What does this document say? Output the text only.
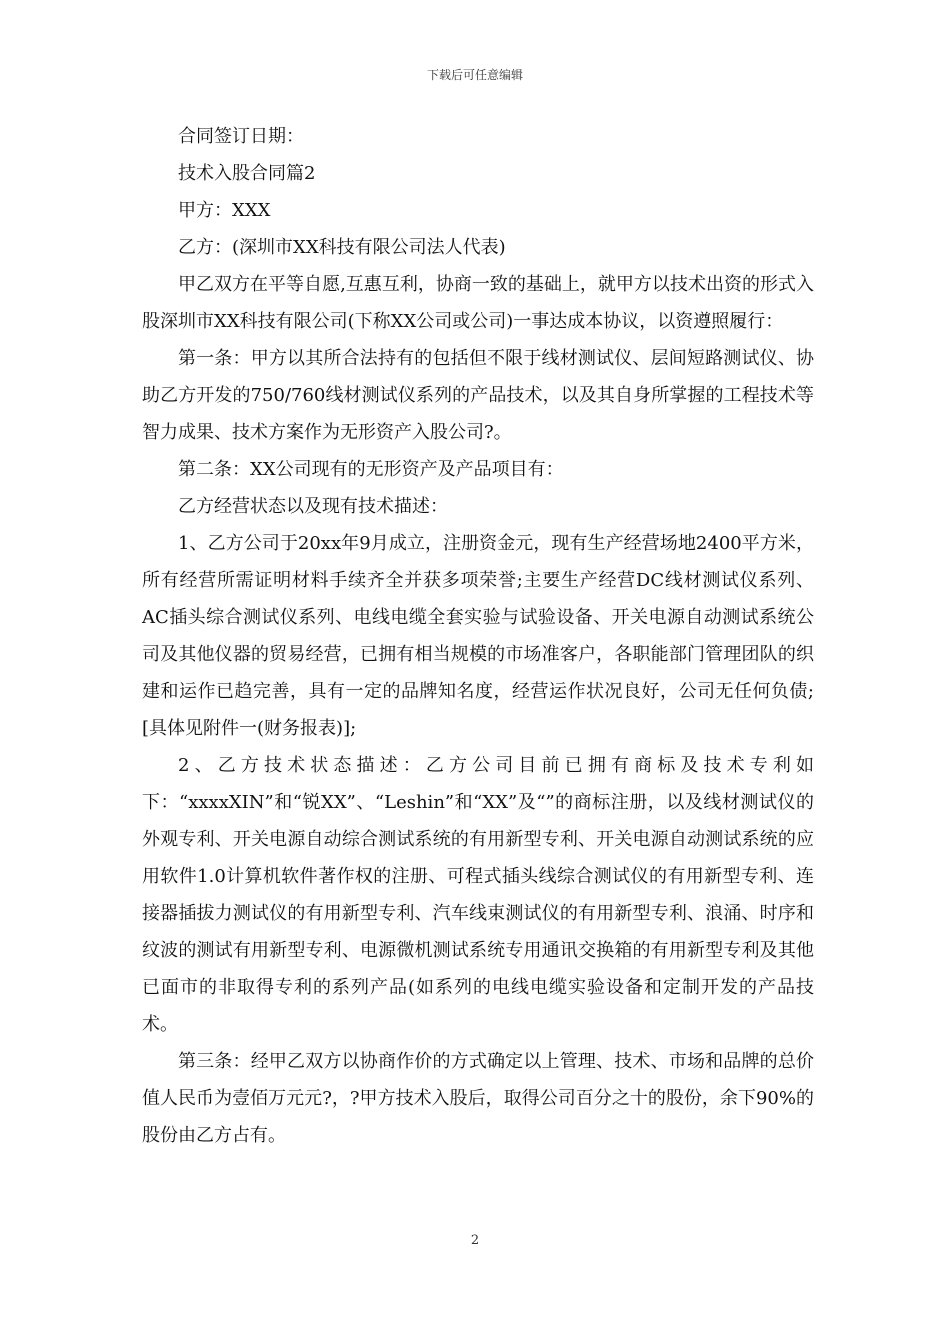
下载后可任意编辑

合同签订日期：

技术入股合同篇2

甲方：XXX

乙方：(深圳市XX科技有限公司法人代表)

甲乙双方在平等自愿,互惠互利，协商一致的基础上，就甲方以技术出资的形式入股深圳市XX科技有限公司(下称XX公司或公司)一事达成本协议，以资遵照履行：

第一条：甲方以其所合法持有的包括但不限于线材测试仪、层间短路测试仪、协助乙方开发的750/760线材测试仪系列的产品技术，以及其自身所掌握的工程技术等智力成果、技术方案作为无形资产入股公司?。

第二条：XX公司现有的无形资产及产品项目有：

乙方经营状态以及现有技术描述：

1、乙方公司于20xx年9月成立，注册资金元，现有生产经营场地2400平方米，所有经营所需证明材料手续齐全并获多项荣誉;主要生产经营DC线材测试仪系列、AC插头综合测试仪系列、电线电缆全套实验与试验设备、开关电源自动测试系统公司及其他仪器的贸易经营，已拥有相当规模的市场准客户，各职能部门管理团队的织建和运作已趋完善，具有一定的品牌知名度，经营运作状况良好，公司无任何负债;[具体见附件一(财务报表)];

2、乙方技术状态描述：乙方公司目前已拥有商标及技术专利如下：“xxxxXIN”和“锐XX”、“Leshin”和“XX”及“”的商标注册，以及线材测试仪的外观专利、开关电源自动综合测试系统的有用新型专利、开关电源自动测试系统的应用软件1.0计算机软件著作权的注册、可程式插头线综合测试仪的有用新型专利、连接器插拔力测试仪的有用新型专利、汽车线束测试仪的有用新型专利、浪涌、时序和纹波的测试有用新型专利、电源微机测试系统专用通讯交换箱的有用新型专利及其他已面市的非取得专利的系列产品(如系列的电线电缆实验设备和定制开发的产品技术。

第三条：经甲乙双方以协商作价的方式确定以上管理、技术、市场和品牌的总价值人民币为壹佰万元元?，?甲方技术入股后，取得公司百分之十的股份，余下90%的股份由乙方占有。

2
